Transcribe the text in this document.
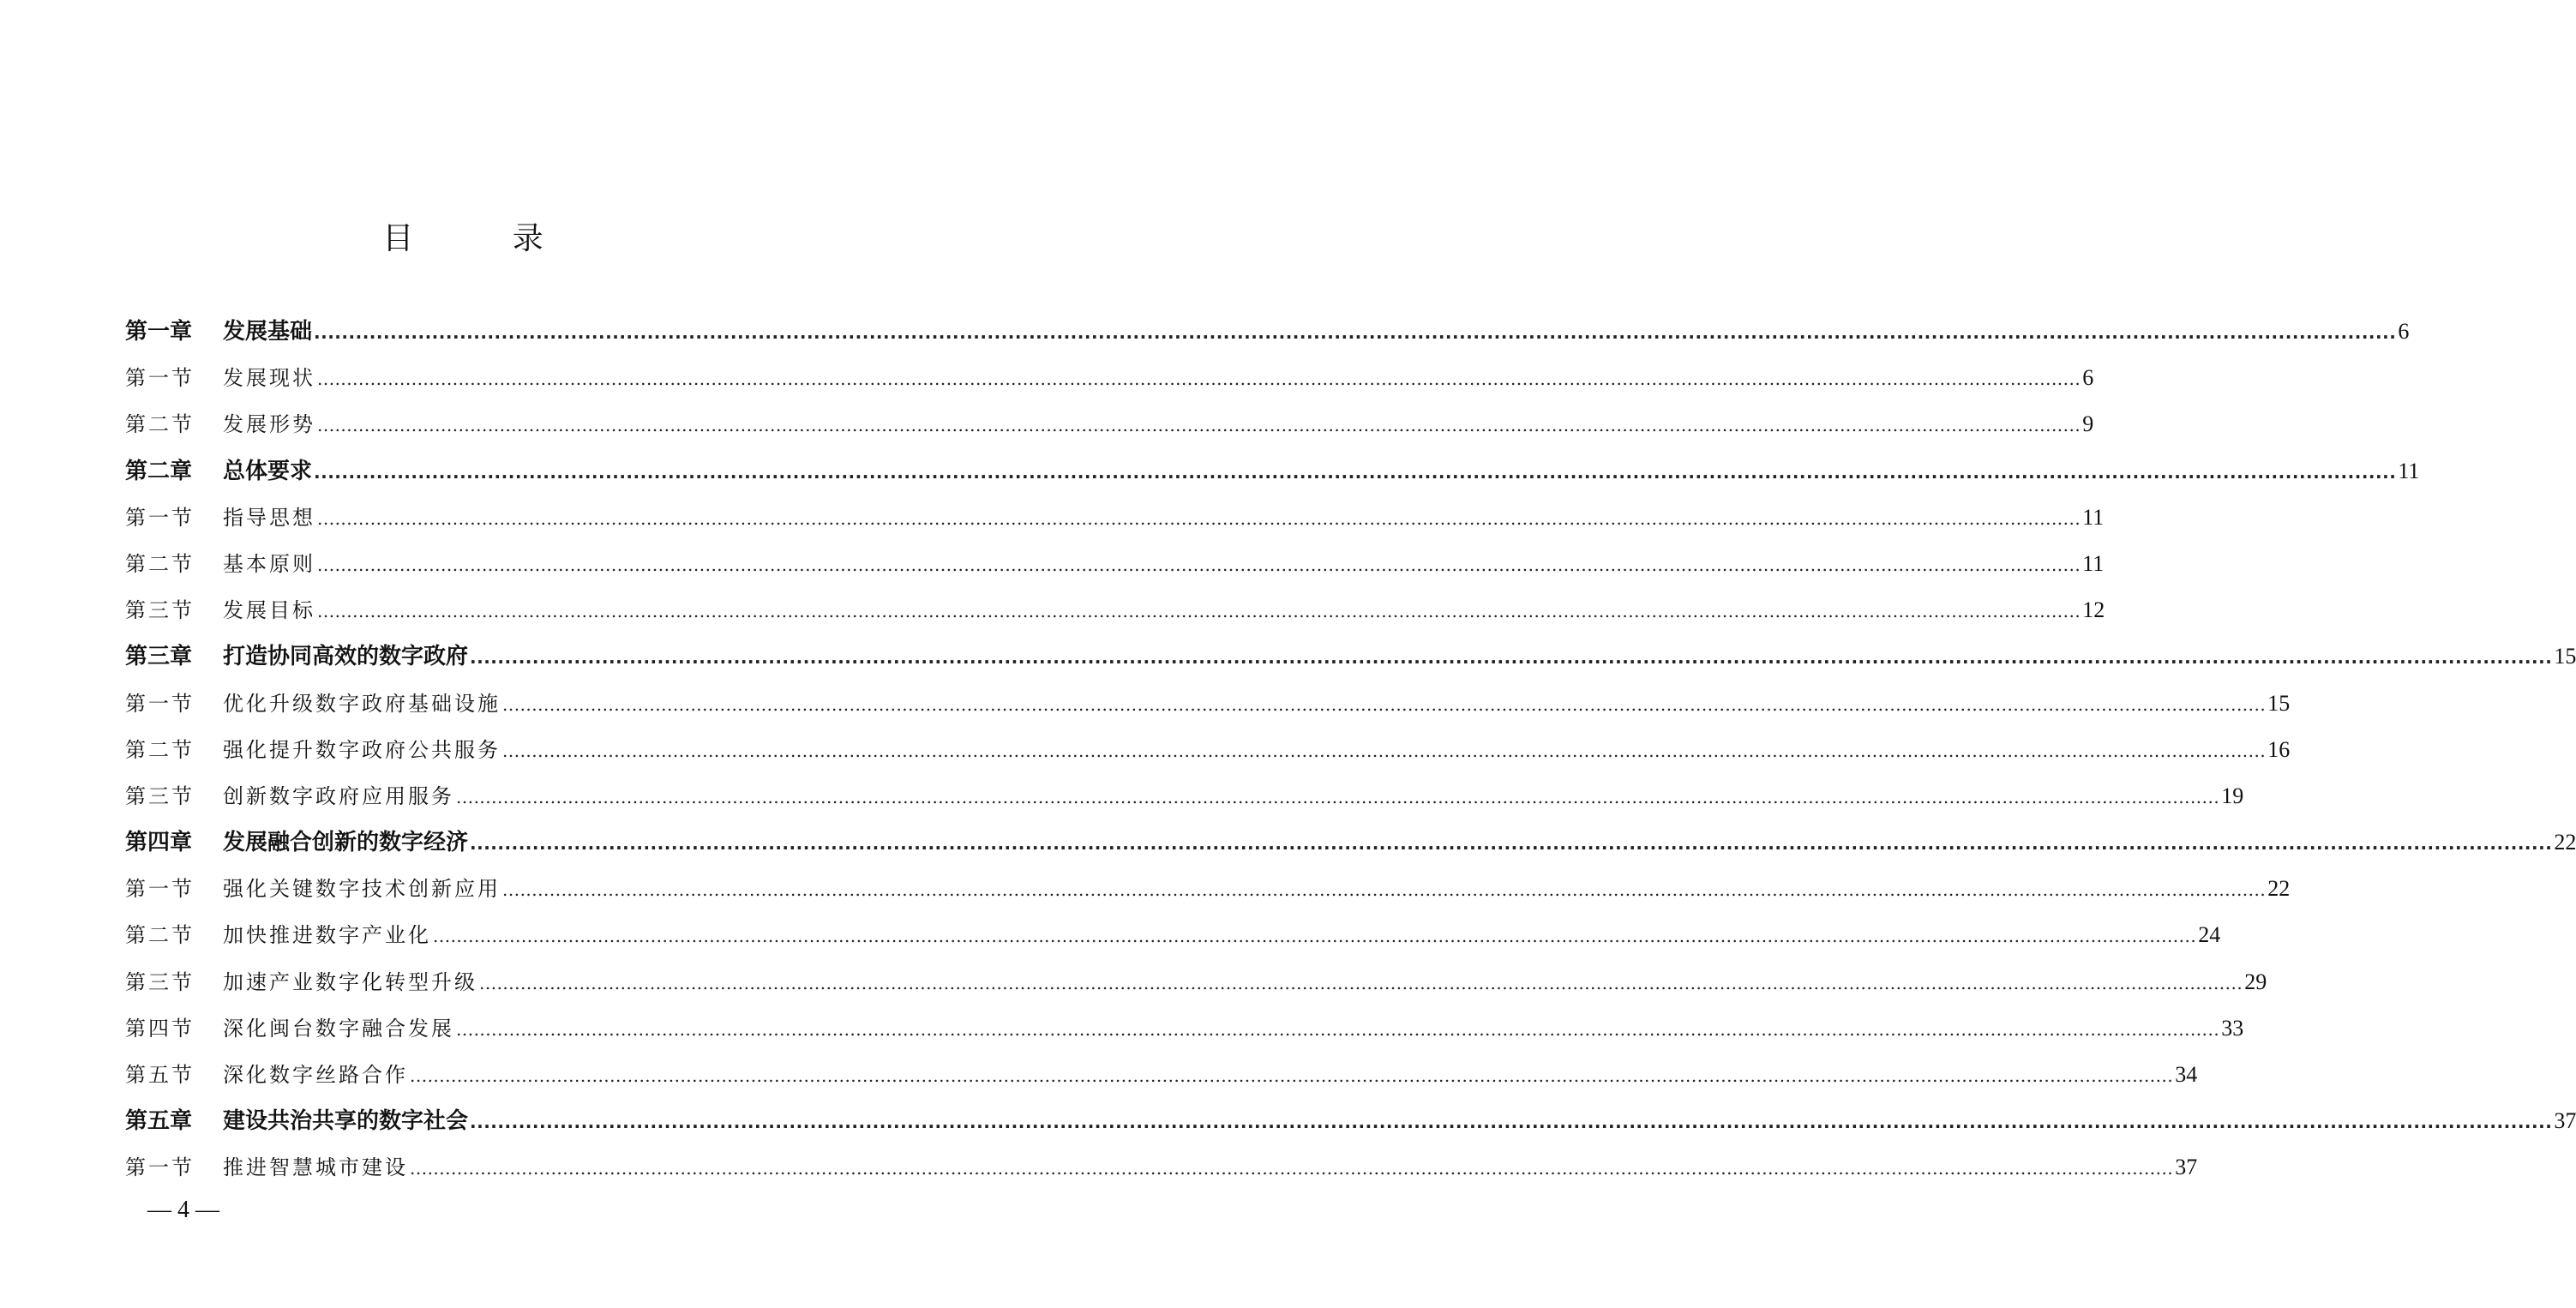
目 录
第一章	发展基础 ............................................................................................................................................................................................................................................................................................................ 6
第一节	发展现状 ............................................................................................................................................................................................................................................................................................................ 6
第二节	发展形势 ............................................................................................................................................................................................................................................................................................................ 9
第二章	总体要求 ............................................................................................................................................................................................................................................................................................................ 11
第一节	指导思想 ............................................................................................................................................................................................................................................................................................................ 11
第二节	基本原则 ............................................................................................................................................................................................................................................................................................................ 11
第三节	发展目标 ............................................................................................................................................................................................................................................................................................................ 12
第三章	打造协同高效的数字政府 ............................................................................................................................................................................................................................................................................................................ 15
第一节	优化升级数字政府基础设施 ............................................................................................................................................................................................................................................................................................................ 15
第二节	强化提升数字政府公共服务 ............................................................................................................................................................................................................................................................................................................ 16
第三节	创新数字政府应用服务 ............................................................................................................................................................................................................................................................................................................ 19
第四章	发展融合创新的数字经济 ............................................................................................................................................................................................................................................................................................................ 22
第一节	强化关键数字技术创新应用 ............................................................................................................................................................................................................................................................................................................ 22
第二节	加快推进数字产业化 ............................................................................................................................................................................................................................................................................................................ 24
第三节	加速产业数字化转型升级 ............................................................................................................................................................................................................................................................................................................ 29
第四节	深化闽台数字融合发展 ............................................................................................................................................................................................................................................................................................................ 33
第五节	深化数字丝路合作 ............................................................................................................................................................................................................................................................................................................ 34
第五章	建设共治共享的数字社会 ............................................................................................................................................................................................................................................................................................................ 37
第一节	推进智慧城市建设 ............................................................................................................................................................................................................................................................................................................ 37
— 4 —
